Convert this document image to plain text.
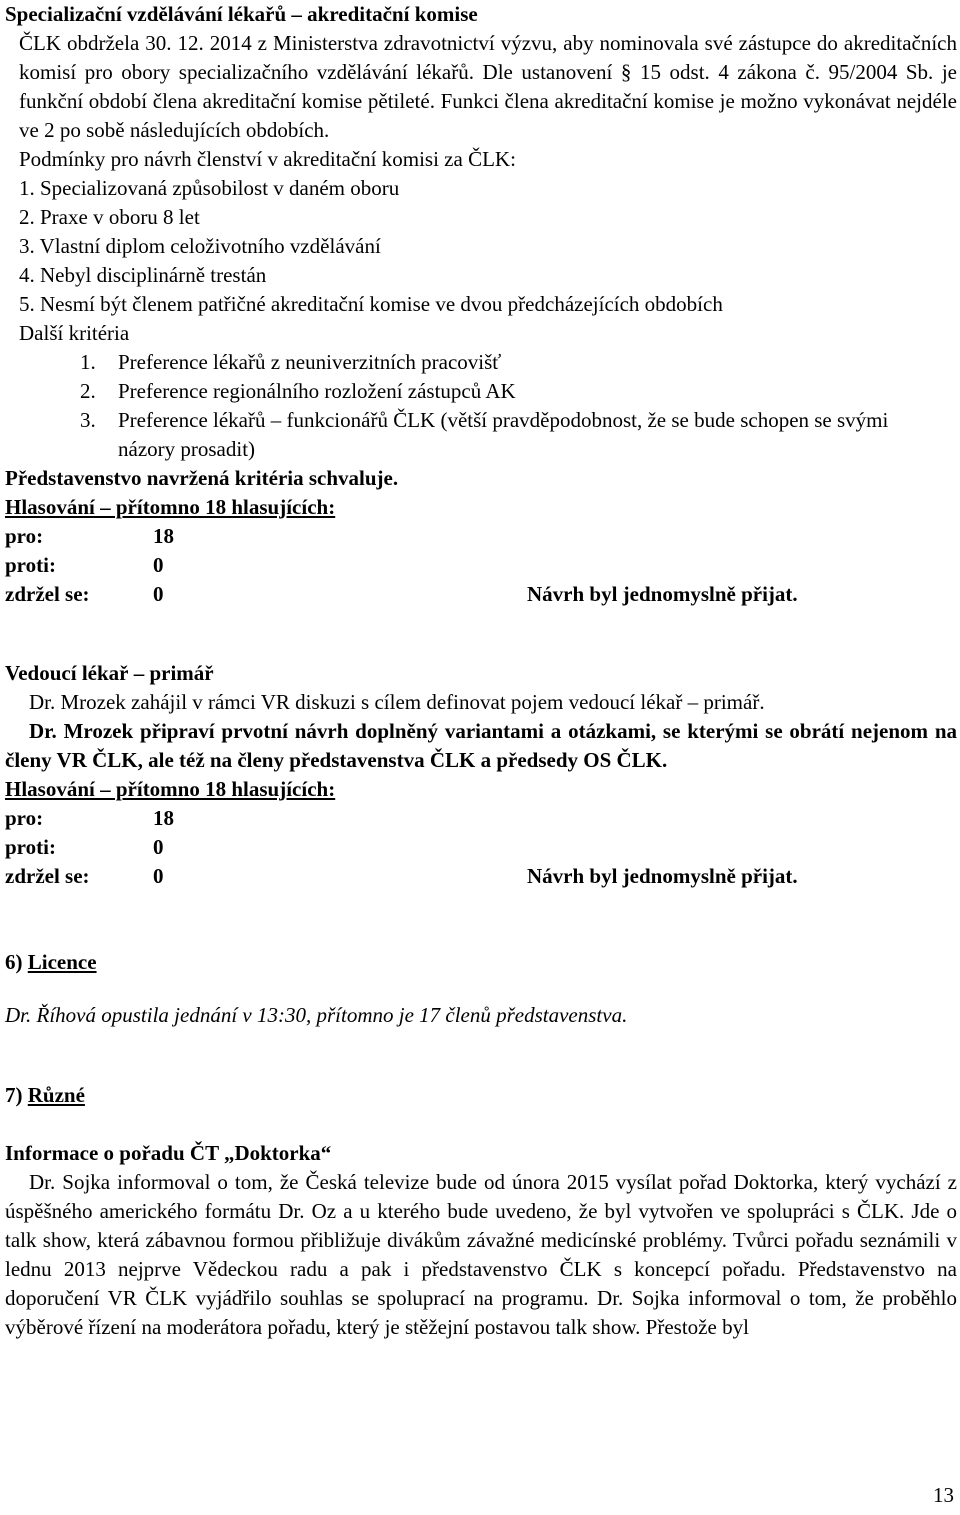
Specializační vzdělávání lékařů – akreditační komise

ČLK obdržela 30. 12. 2014 z Ministerstva zdravotnictví výzvu, aby nominovala své zástupce do akreditačních komisí pro obory specializačního vzdělávání lékařů. Dle ustanovení § 15 odst. 4 zákona č. 95/2004 Sb. je funkční období člena akreditační komise pětileté. Funkci člena akreditační komise je možno vykonávat nejdéle ve 2 po sobě následujících obdobích.

Podmínky pro návrh členství v akreditační komisi za ČLK:

1. Specializovaná způsobilost v daném oboru
2. Praxe v oboru 8 let
3. Vlastní diplom celoživotního vzdělávání
4. Nebyl disciplinárně trestán
5. Nesmí být členem patřičné akreditační komise ve dvou předcházejících obdobích

Další kritéria

1. Preference lékařů z neuniverzitních pracovišť
2. Preference regionálního rozložení zástupců AK
3. Preference lékařů – funkcionářů ČLK (větší pravděpodobnost, že se bude schopen se svými názory prosadit)

Představenstvo navržená kritéria schvaluje.

Hlasování – přítomno 18 hlasujících:

pro:	18
proti:	0
zdržel se:	0	Návrh byl jednomyslně přijat.

Vedoucí lékař – primář

Dr. Mrozek zahájil v rámci VR diskuzi s cílem definovat pojem vedoucí lékař – primář.

Dr. Mrozek připraví prvotní návrh doplněný variantami a otázkami, se kterými se obrátí nejenom na členy VR ČLK, ale též na členy představenstva ČLK a předsedy OS ČLK.

Hlasování – přítomno 18 hlasujících:

pro:	18
proti:	0
zdržel se:	0	Návrh byl jednomyslně přijat.

6) Licence

Dr. Říhová opustila jednání v 13:30, přítomno je 17 členů představenstva.

7) Různé

Informace o pořadu ČT „Doktorka“

Dr. Sojka informoval o tom, že Česká televize bude od února 2015 vysílat pořad Doktorka, který vychází z úspěšného amerického formátu Dr. Oz a u kterého bude uvedeno, že byl vytvořen ve spolupráci s ČLK. Jde o talk show, která zábavnou formou přibližuje divákům závažné medicínské problémy. Tvůrci pořadu seznámili v lednu 2013 nejprve Vědeckou radu a pak i představenstvo ČLK s koncepcí pořadu. Představenstvo na doporučení VR ČLK vyjádřilo souhlas se spoluprací na programu. Dr. Sojka informoval o tom, že proběhlo výběrové řízení na moderátora pořadu, který je stěžejní postavou talk show. Přestože byl

13
